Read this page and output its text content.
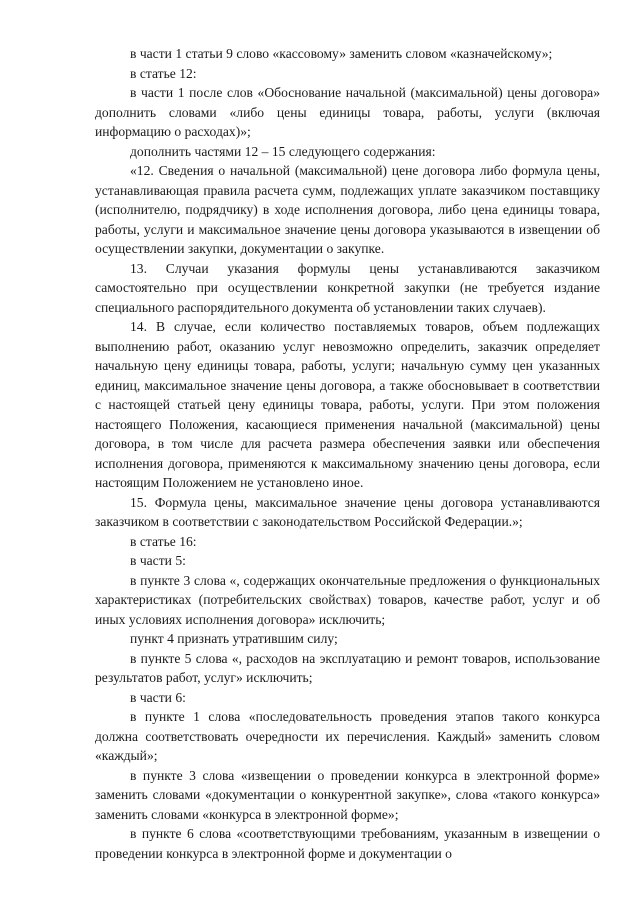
в части 1 статьи 9 слово «кассовому» заменить словом «казначейскому»;

в статье 12:

в части 1 после слов «Обоснование начальной (максимальной) цены договора» дополнить словами «либо цены единицы товара, работы, услуги (включая информацию о расходах)»;

дополнить частями 12 – 15 следующего содержания:

«12. Сведения о начальной (максимальной) цене договора либо формула цены, устанавливающая правила расчета сумм, подлежащих уплате заказчиком поставщику (исполнителю, подрядчику) в ходе исполнения договора, либо цена единицы товара, работы, услуги и максимальное значение цены договора указываются в извещении об осуществлении закупки, документации о закупке.

13. Случаи указания формулы цены устанавливаются заказчиком самостоятельно при осуществлении конкретной закупки (не требуется издание специального распорядительного документа об установлении таких случаев).

14. В случае, если количество поставляемых товаров, объем подлежащих выполнению работ, оказанию услуг невозможно определить, заказчик определяет начальную цену единицы товара, работы, услуги; начальную сумму цен указанных единиц, максимальное значение цены договора, а также обосновывает в соответствии с настоящей статьей цену единицы товара, работы, услуги. При этом положения настоящего Положения, касающиеся применения начальной (максимальной) цены договора, в том числе для расчета размера обеспечения заявки или обеспечения исполнения договора, применяются к максимальному значению цены договора, если настоящим Положением не установлено иное.

15. Формула цены, максимальное значение цены договора устанавливаются заказчиком в соответствии с законодательством Российской Федерации.»;

в статье 16:

в части 5:

в пункте 3 слова «, содержащих окончательные предложения о функциональных характеристиках (потребительских свойствах) товаров, качестве работ, услуг и об иных условиях исполнения договора» исключить;

пункт 4 признать утратившим силу;

в пункте 5 слова «, расходов на эксплуатацию и ремонт товаров, использование результатов работ, услуг» исключить;

в части 6:

в пункте 1 слова «последовательность проведения этапов такого конкурса должна соответствовать очередности их перечисления. Каждый» заменить словом «каждый»;

в пункте 3 слова «извещении о проведении конкурса в электронной форме» заменить словами «документации о конкурентной закупке», слова «такого конкурса» заменить словами «конкурса в электронной форме»;

в пункте 6 слова «соответствующими требованиям, указанным в извещении о проведении конкурса в электронной форме и документации о
